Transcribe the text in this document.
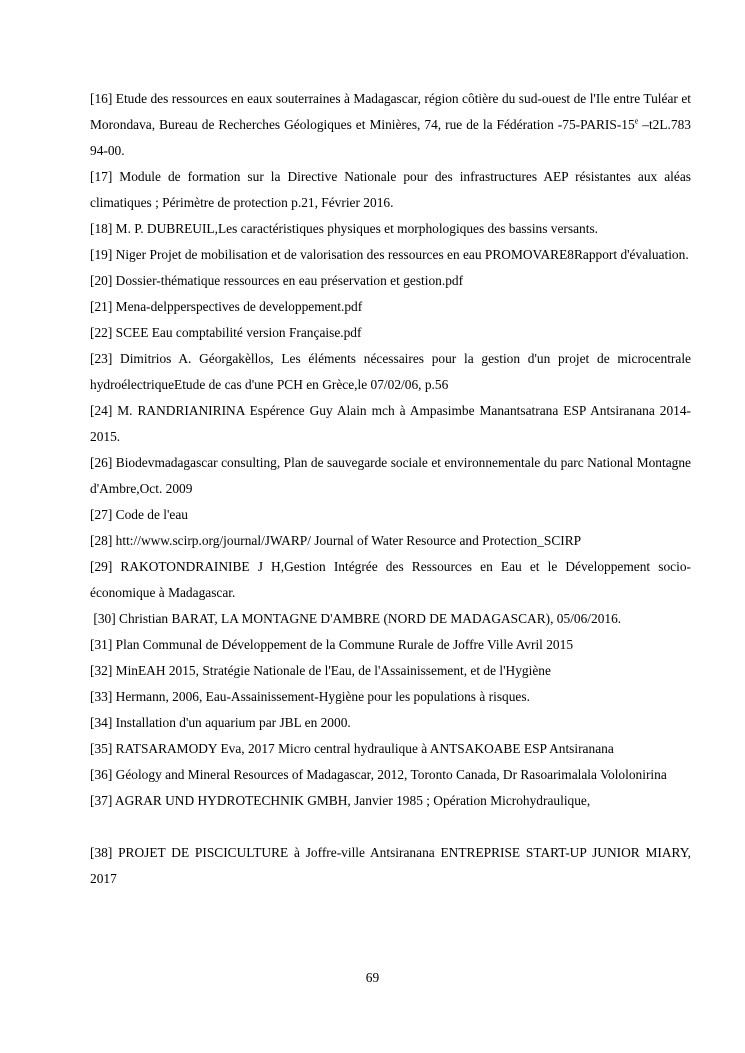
[16] Etude des ressources en eaux souterraines à Madagascar, région côtière du sud-ouest de l'Ile entre Tuléar et Morondava, Bureau de Recherches Géologiques et Minières, 74, rue de la Fédération -75-PARIS-15e –t2L.783 94-00.

[17] Module de formation sur la Directive Nationale pour des infrastructures AEP résistantes aux aléas climatiques ; Périmètre de protection p.21, Février 2016.

[18] M. P. DUBREUIL,Les caractéristiques physiques et morphologiques des bassins versants.

[19] Niger Projet de mobilisation et de valorisation des ressources en eau PROMOVARE8Rapport d'évaluation.

[20] Dossier-thématique ressources en eau préservation et gestion.pdf

[21] Mena-delpperspectives de developpement.pdf

[22] SCEE Eau comptabilité version Française.pdf

[23] Dimitrios A. Géorgakèllos, Les éléments nécessaires pour la gestion d'un projet de microcentrale hydroélectriqueEtude de cas d'une PCH en Grèce,le 07/02/06, p.56

[24] M. RANDRIANIRINA Espérence Guy Alain mch à Ampasimbe Manantsatrana ESP Antsiranana 2014-2015.

[26] Biodevmadagascar consulting, Plan de sauvegarde sociale et environnementale du parc National Montagne d'Ambre,Oct. 2009

[27] Code de l'eau

[28] htt://www.scirp.org/journal/JWARP/ Journal of Water Resource and Protection_SCIRP

[29] RAKOTONDRAINIBE J H,Gestion Intégrée des Ressources en Eau et le Développement socio-économique à Madagascar.

[30] Christian BARAT, LA MONTAGNE D'AMBRE (NORD DE MADAGASCAR), 05/06/2016.

[31] Plan Communal de Développement de la Commune Rurale de Joffre Ville Avril 2015

[32] MinEAH 2015, Stratégie Nationale de l'Eau, de l'Assainissement, et de l'Hygiène

[33] Hermann, 2006, Eau-Assainissement-Hygiène pour les populations à risques.

[34] Installation d'un aquarium par JBL en 2000.

[35] RATSARAMODY Eva, 2017 Micro central hydraulique à ANTSAKOABE ESP Antsiranana

[36] Géology and Mineral Resources of Madagascar, 2012, Toronto Canada, Dr Rasoarimalala Vololonirina

[37] AGRAR UND HYDROTECHNIK GMBH, Janvier 1985 ; Opération Microhydraulique,

[38] PROJET DE PISCICULTURE à Joffre-ville Antsiranana ENTREPRISE START-UP JUNIOR MIARY, 2017

69
